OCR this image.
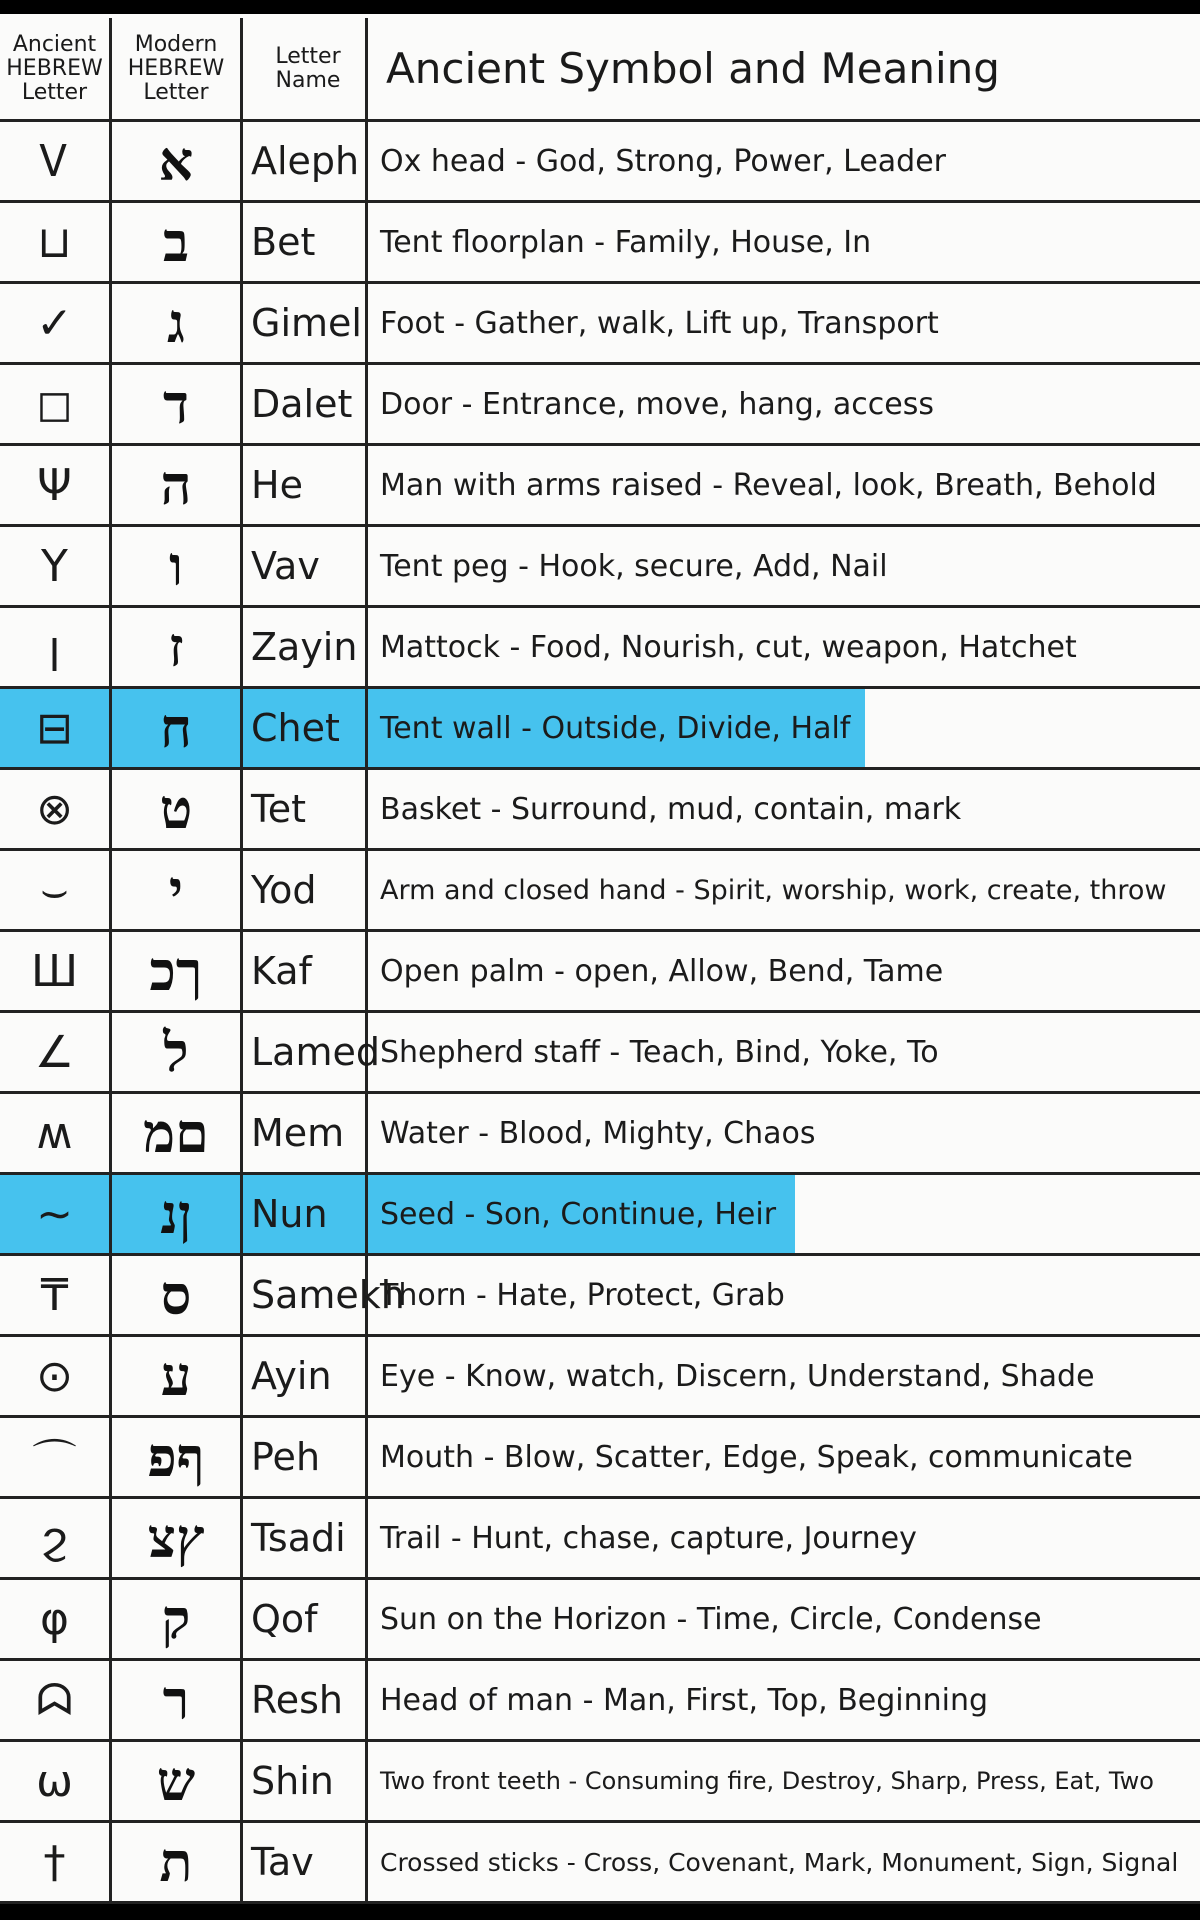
Ancient
HEBREW
Letter
Modern
HEBREW
Letter
Letter
Name Ancient Symbol and Meaning
Ꮩ א Aleph Ox head - God, Strong, Power, Leader
⊔ ב Bet Tent floorplan - Family, House, In
✓ ג Gimel Foot - Gather, walk, Lift up, Transport
◻ ד Dalet Door - Entrance, move, hang, access
Ψ ה He	Man with arms raised - Reveal, look, Breath, Behold
Y ו Vav Tent peg - Hook, secure, Add, Nail
ꞁ ז Zayin Mattock - Food, Nourish, cut, weapon, Hatchet
⊟ ח Chet Tent wall - Outside, Divide, Half
⊗ ט Tet Basket - Surround, mud, contain, mark
⌣ י Yod Arm and closed hand - Spirit, worship, work, create, throw
Ш ךכ Kaf Open palm - open, Allow, Bend, Tame
∠ ל Lamed Shepherd staff - Teach, Bind, Yoke, To
ʍ םמ Mem Water - Blood, Mighty, Chaos
∼ ןנ Nun Seed - Son, Continue, Heir
₸ ס Samekh
Thorn - Hate, Protect, Grab
⊙ ע Ayin Eye - Know, watch, Discern, Understand, Shade
⌒ ףפ Peh Mouth - Blow, Scatter, Edge, Speak, communicate
ϩ ץצ Tsadi Trail - Hunt, chase, capture, Journey
φ ק Qof Sun on the Horizon - Time, Circle, Condense
ᗣ ר Resh Head of man - Man, First, Top, Beginning
ω ש Shin Two front teeth - Consuming fire, Destroy, Sharp, Press, Eat, Two
† ת Tav	Crossed sticks - Cross, Covenant, Mark, Monument, Sign, Signal
